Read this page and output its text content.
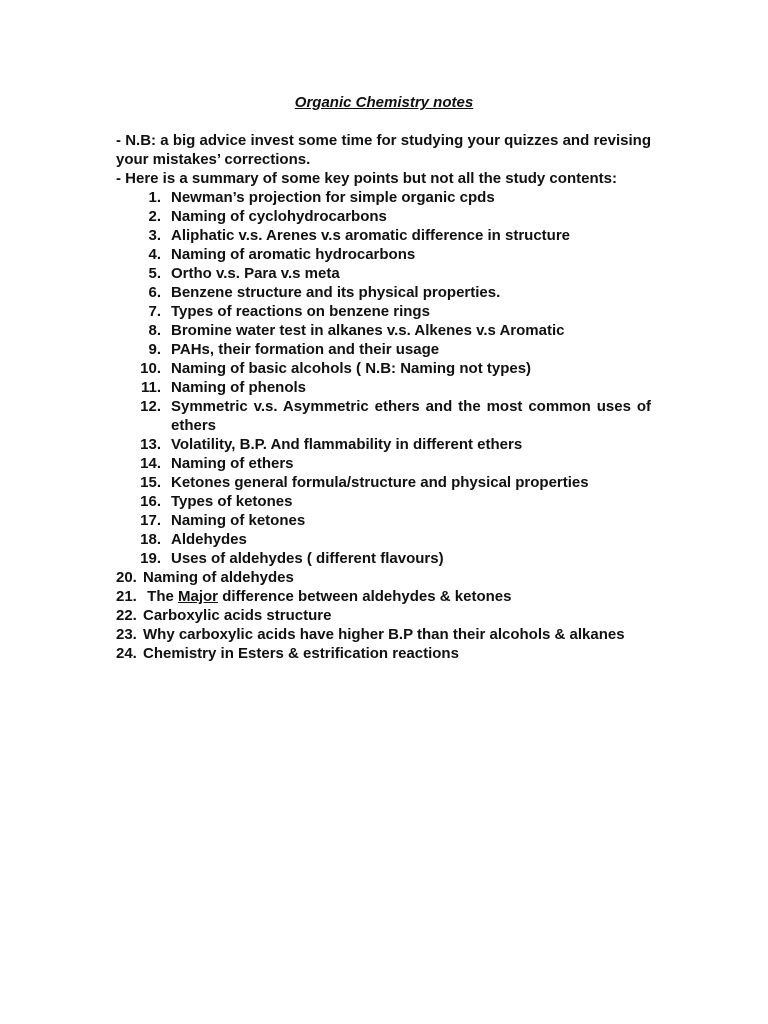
Organic Chemistry notes

- N.B: a big advice invest some time for studying your quizzes and revising your mistakes’ corrections.

- Here is a summary of some key points but not all the study contents:

1. Newman’s projection for simple organic cpds
2. Naming of cyclohydrocarbons
3. Aliphatic v.s. Arenes v.s aromatic difference in structure
4. Naming of aromatic hydrocarbons
5. Ortho v.s. Para v.s meta
6. Benzene structure and its physical properties.
7. Types of reactions on benzene rings
8. Bromine water test in alkanes v.s. Alkenes v.s Aromatic
9. PAHs, their formation and their usage
10. Naming of basic alcohols ( N.B: Naming not types)
11. Naming of phenols
12. Symmetric v.s. Asymmetric ethers and the most common uses of ethers
13. Volatility, B.P. And flammability in different ethers
14. Naming of ethers
15. Ketones general formula/structure and physical properties
16. Types of ketones
17. Naming of ketones
18. Aldehydes
19. Uses of aldehydes ( different flavours)
20. Naming of aldehydes
21. The Major difference between aldehydes & ketones
22. Carboxylic acids structure
23. Why carboxylic acids have higher B.P than their alcohols & alkanes
24. Chemistry in Esters & estrification reactions
